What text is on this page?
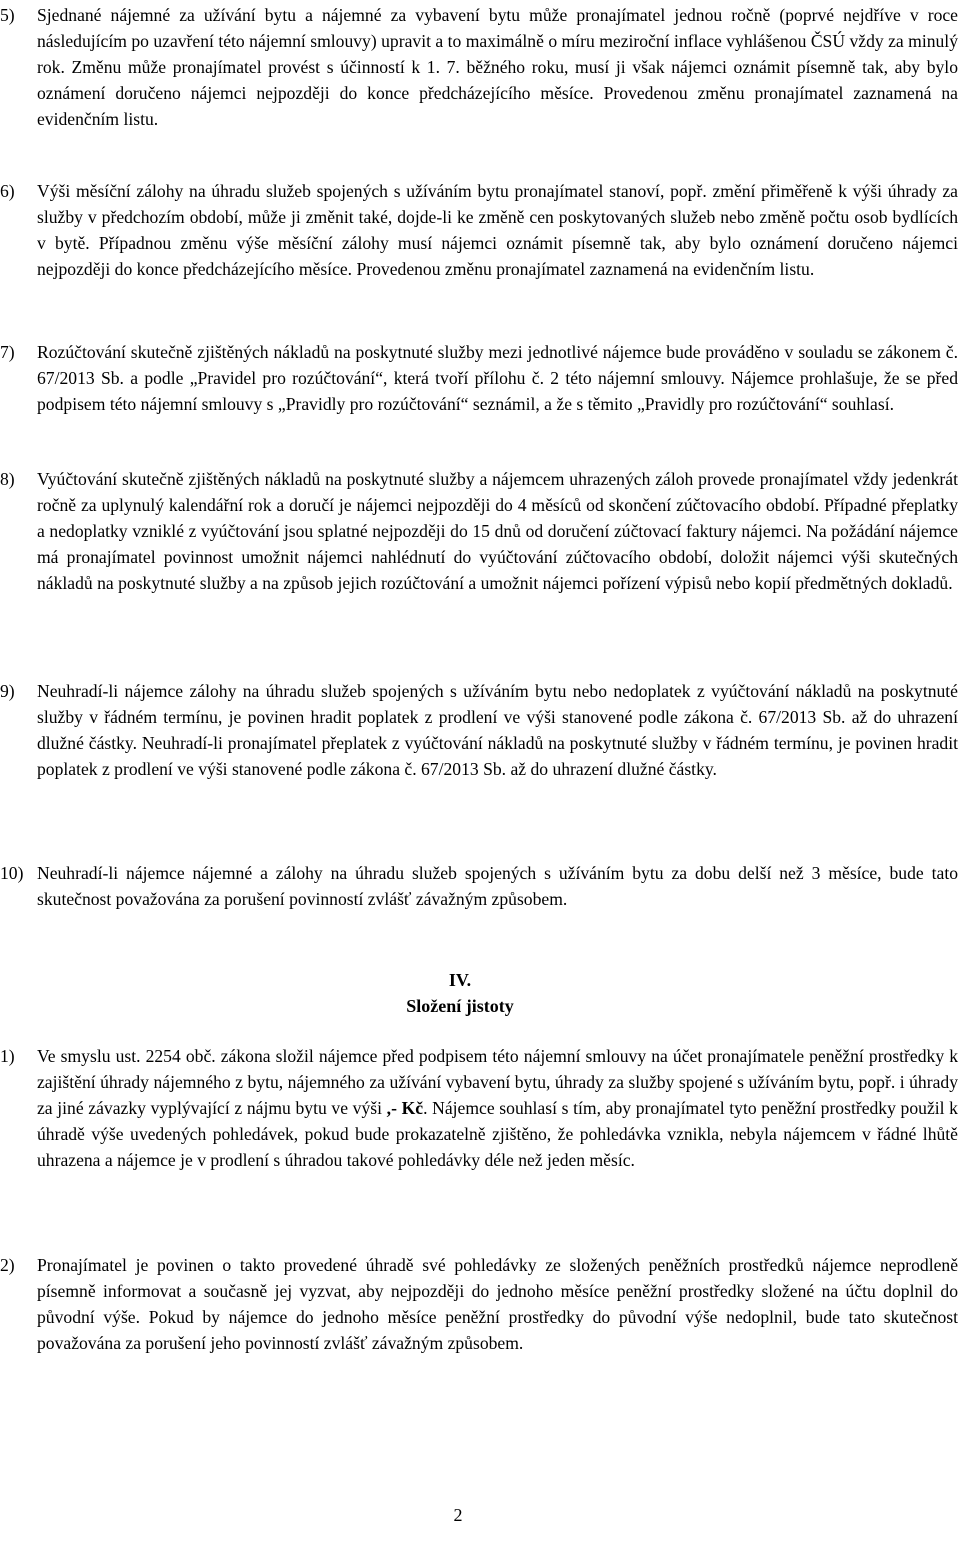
5)	Sjednané nájemné za užívání bytu a nájemné za vybavení bytu může pronajímatel jednou ročně (poprvé nejdříve v roce následujícím po uzavření této nájemní smlouvy) upravit a to maximálně o míru meziroční inflace vyhlášenou ČSÚ vždy za minulý rok. Změnu může pronajímatel provést s účinností k 1. 7. běžného roku, musí ji však nájemci oznámit písemně tak, aby bylo oznámení doručeno nájemci nejpozději do konce předcházejícího měsíce. Provedenou změnu pronajímatel zaznamená na evidenčním listu.
6)	Výši měsíční zálohy na úhradu služeb spojených s užíváním bytu pronajímatel stanoví, popř. změní přiměřeně k výši úhrady za služby v předchozím období, může ji změnit také, dojde-li ke změně cen poskytovaných služeb nebo změně počtu osob bydlících v bytě. Případnou změnu výše měsíční zálohy musí nájemci oznámit písemně tak, aby bylo oznámení doručeno nájemci nejpozději do konce předcházejícího měsíce. Provedenou změnu pronajímatel zaznamená na evidenčním listu.
7)	Rozúčtování skutečně zjištěných nákladů na poskytnuté služby mezi jednotlivé nájemce bude prováděno v souladu se zákonem č. 67/2013 Sb. a podle „Pravidel pro rozúčtování“, která tvoří přílohu č. 2 této nájemní smlouvy. Nájemce prohlašuje, že se před podpisem této nájemní smlouvy s „Pravidly pro rozúčtování“ seznámil, a že s těmito „Pravidly pro rozúčtování“ souhlasí.
8)	Vyúčtování skutečně zjištěných nákladů na poskytnuté služby a nájemcem uhrazených záloh provede pronajímatel vždy jedenkrát ročně za uplynulý kalendářní rok a doručí je nájemci nejpozději do 4 měsíců od skončení zúčtovacího období. Případné přeplatky a nedoplatky vzniklé z vyúčtování jsou splatné nejpozději do 15 dnů od doručení zúčtovací faktury nájemci. Na požádání nájemce má pronajímatel povinnost umožnit nájemci nahlédnutí do vyúčtování zúčtovacího období, doložit nájemci výši skutečných nákladů na poskytnuté služby a na způsob jejich rozúčtování a umožnit nájemci pořízení výpisů nebo kopií předmětných dokladů.
9)	Neuhradí-li nájemce zálohy na úhradu služeb spojených s užíváním bytu nebo nedoplatek z vyúčtování nákladů na poskytnuté služby v řádném termínu, je povinen hradit poplatek z prodlení ve výši stanovené podle zákona č. 67/2013 Sb. až do uhrazení dlužné částky. Neuhradí-li pronajímatel přeplatek z vyúčtování nákladů na poskytnuté služby v řádném termínu, je povinen hradit poplatek z prodlení ve výši stanovené podle zákona č. 67/2013 Sb. až do uhrazení dlužné částky.
10) Neuhradí-li nájemce nájemné a zálohy na úhradu služeb spojených s užíváním bytu za dobu delší než 3 měsíce, bude tato skutečnost považována za porušení povinností zvlášť závažným způsobem.
IV.
Složení jistoty
1)	Ve smyslu ust. 2254 obč. zákona složil nájemce před podpisem této nájemní smlouvy na účet pronajímatele peněžní prostředky k zajištění úhrady nájemného z bytu, nájemného za užívání vybavení bytu, úhrady za služby spojené s užíváním bytu, popř. i úhrady za jiné závazky vyplývající z nájmu bytu ve výši ,- Kč. Nájemce souhlasí s tím, aby pronajímatel tyto peněžní prostředky použil k úhradě výše uvedených pohledávek, pokud bude prokazatelně zjištěno, že pohledávka vznikla, nebyla nájemcem v řádné lhůtě uhrazena a nájemce je v prodlení s úhradou takové pohledávky déle než jeden měsíc.
2)	Pronajímatel je povinen o takto provedené úhradě své pohledávky ze složených peněžních prostředků nájemce neprodleně písemně informovat a současně jej vyzvat, aby nejpozději do jednoho měsíce peněžní prostředky složené na účtu doplnil do původní výše. Pokud by nájemce do jednoho měsíce peněžní prostředky do původní výše nedoplnil, bude tato skutečnost považována za porušení jeho povinností zvlášť závažným způsobem.
2
